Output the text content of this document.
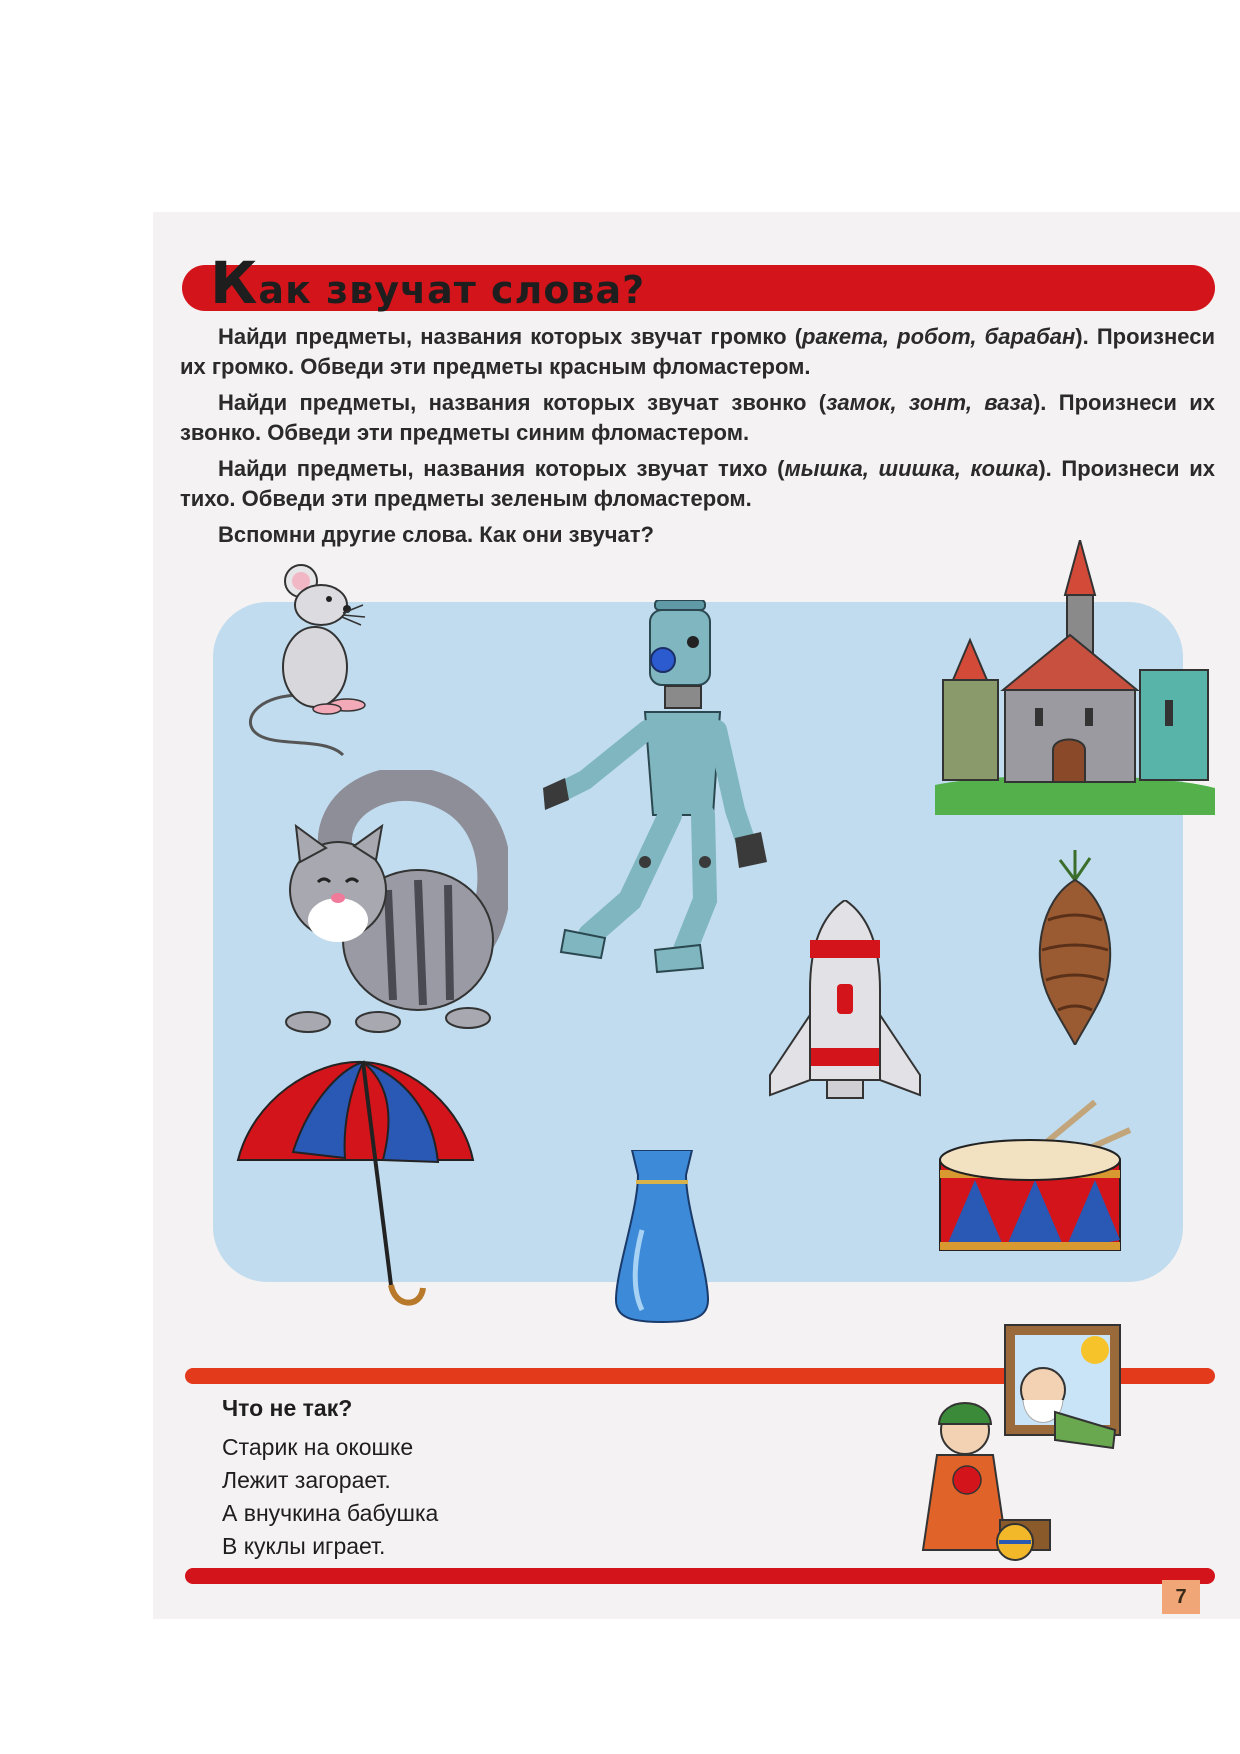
Как звучат слова?

Найди предметы, названия которых звучат громко (ракета, робот, барабан). Произнеси их громко. Обведи эти предметы красным фломастером.

Найди предметы, названия которых звучат звонко (замок, зонт, ваза). Произнеси их звонко. Обведи эти предметы синим фломастером.

Найди предметы, названия которых звучат тихо (мышка, шишка, кошка). Произнеси их тихо. Обведи эти предметы зеленым фломастером.

Вспомни другие слова. Как они звучат?

Что не так?
Старик на окошке
Лежит загорает.
А внучкина бабушка
В куклы играет.
7
